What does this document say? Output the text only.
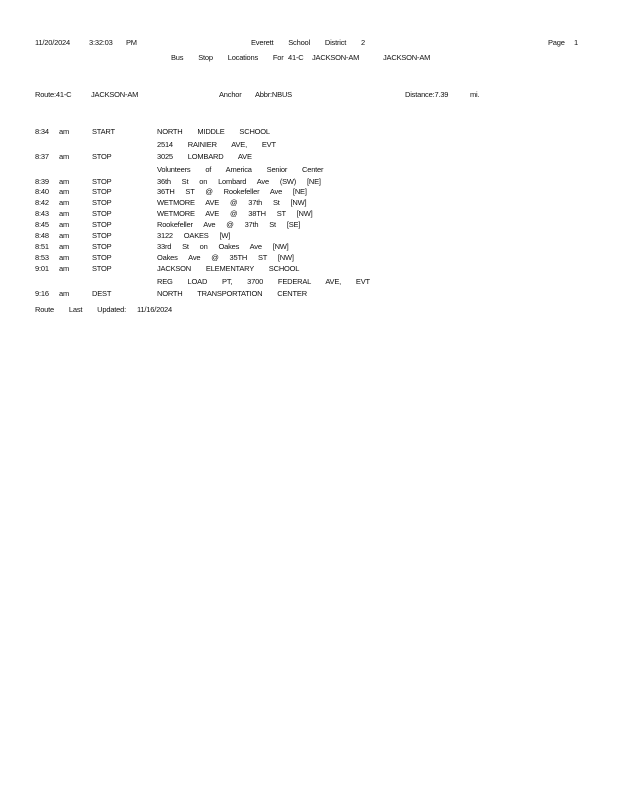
11/20/2024	3:32:03 PM	Everett School District 2	Page 1
Bus Stop Locations For 41-C JACKSON-AM	JACKSON-AM
Route:41-C	JACKSON-AM	Anchor Abbr:NBUS	Distance:7.39	mi.
8:34 am	START	NORTH MIDDLE SCHOOL
2514 RAINIER AVE, EVT
8:37 am	STOP	3025 LOMBARD AVE
Volunteers of America Senior Center
8:39 am	STOP	36th St on Lombard Ave (SW) [NE]
8:40 am	STOP	36TH ST @ Rookefeller Ave [NE]
8:42 am	STOP	WETMORE AVE @ 37th St [NW]
8:43 am	STOP	WETMORE AVE @ 38TH ST [NW]
8:45 am	STOP	Rookefeller Ave @ 37th St [SE]
8:48 am	STOP	3122 OAKES [W]
8:51 am	STOP	33rd St on Oakes Ave [NW]
8:53 am	STOP	Oakes Ave @ 35TH ST [NW]
9:01 am	STOP	JACKSON ELEMENTARY SCHOOL
REG LOAD PT, 3700 FEDERAL AVE, EVT
9:16 am	DEST	NORTH TRANSPORTATION CENTER
Route Last Updated: 11/16/2024
